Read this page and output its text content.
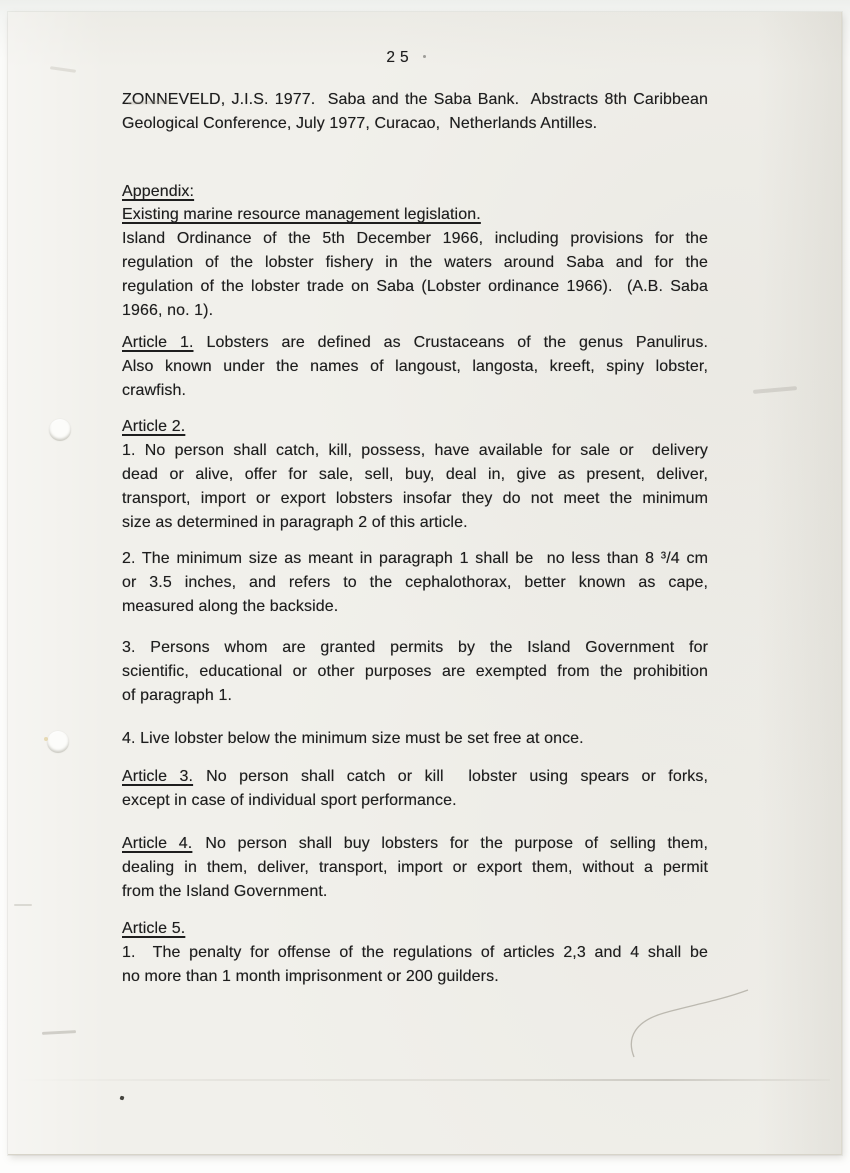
25
ZONNEVELD, J.I.S. 1977.  Saba and the Saba Bank.  Abstracts 8th Caribbean
Geological Conference, July 1977, Curacao,  Netherlands Antilles.
Appendix:
Existing marine resource management legislation.
Island Ordinance of the 5th December 1966, including provisions for the
regulation of the lobster fishery in the waters around Saba and for the
regulation of the lobster trade on Saba (Lobster ordinance 1966).  (A.B. Saba
1966, no. 1).
Article 1. Lobsters are defined as Crustaceans of the genus Panulirus.
Also known under the names of langoust, langosta, kreeft, spiny lobster,
crawfish.
Article 2.
1. No person shall catch, kill, possess, have available for sale or  delivery
dead or alive, offer for sale, sell, buy, deal in, give as present, deliver,
transport, import or export lobsters insofar they do not meet the minimum
size as determined in paragraph 2 of this article.
2. The minimum size as meant in paragraph 1 shall be  no less than 8 ³/4 cm
or 3.5 inches, and refers to the cephalothorax, better known as cape,
measured along the backside.
3. Persons whom are granted permits by the Island Government for
scientific, educational or other purposes are exempted from the prohibition
of paragraph 1.
4. Live lobster below the minimum size must be set free at once.
Article 3. No person shall catch or kill  lobster using spears or forks,
except in case of individual sport performance.
Article 4. No person shall buy lobsters for the purpose of selling them,
dealing in them, deliver, transport, import or export them, without a permit
from the Island Government.
Article 5.
1.  The penalty for offense of the regulations of articles 2,3 and 4 shall be
no more than 1 month imprisonment or 200 guilders.
